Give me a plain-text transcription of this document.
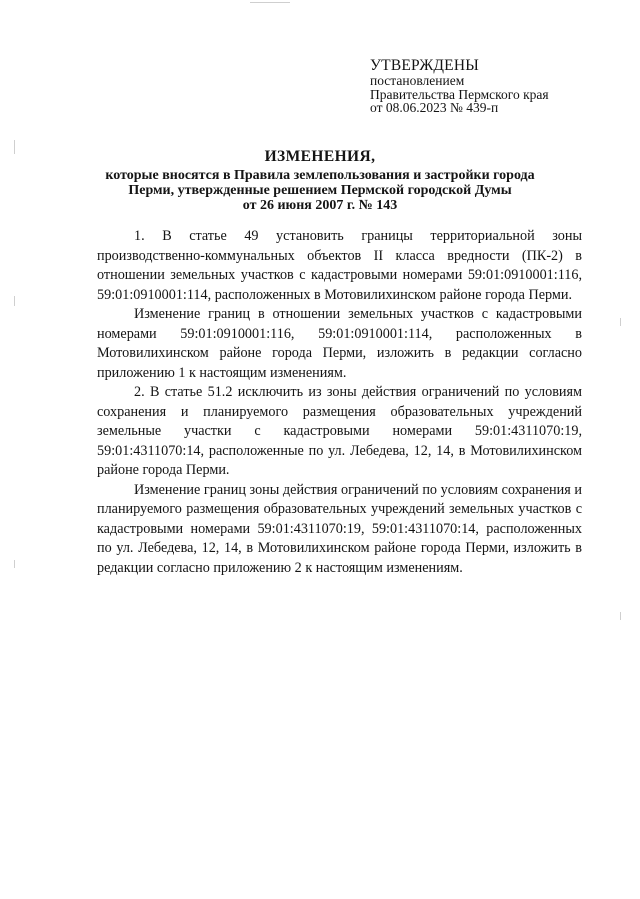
УТВЕРЖДЕНЫ
постановлением
Правительства Пермского края
от 08.06.2023 № 439-п
ИЗМЕНЕНИЯ,
которые вносятся в Правила землепользования и застройки города
Перми, утвержденные решением Пермской городской Думы
от 26 июня 2007 г. № 143

1. В статье 49 установить границы территориальной зоны производственно-коммунальных объектов II класса вредности (ПК-2) в отношении земельных участков с кадастровыми номерами 59:01:0910001:116, 59:01:0910001:114, расположенных в Мотовилихинском районе города Перми.

Изменение границ в отношении земельных участков с кадастровыми номерами 59:01:0910001:116, 59:01:0910001:114, расположенных в Мотовилихинском районе города Перми, изложить в редакции согласно приложению 1 к настоящим изменениям.

2. В статье 51.2 исключить из зоны действия ограничений по условиям сохранения и планируемого размещения образовательных учреждений земельные участки с кадастровыми номерами 59:01:4311070:19, 59:01:4311070:14, расположенные по ул. Лебедева, 12, 14, в Мотовилихинском районе города Перми.

Изменение границ зоны действия ограничений по условиям сохранения и планируемого размещения образовательных учреждений земельных участков с кадастровыми номерами 59:01:4311070:19, 59:01:4311070:14, расположенных по ул. Лебедева, 12, 14, в Мотовилихинском районе города Перми, изложить в редакции согласно приложению 2 к настоящим изменениям.
